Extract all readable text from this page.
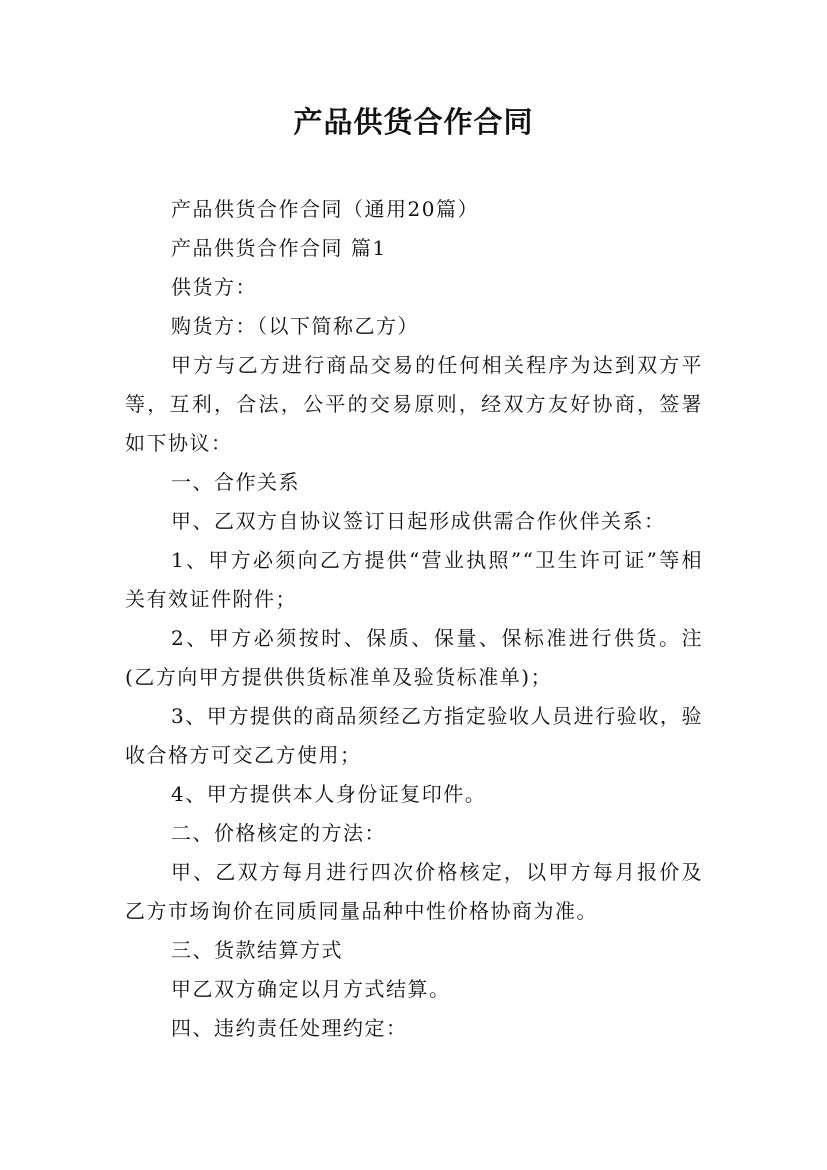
产品供货合作合同

产品供货合作合同（通用20篇）

产品供货合作合同 篇1

供货方：

购货方：（以下简称乙方）

甲方与乙方进行商品交易的任何相关程序为达到双方平等，互利，合法，公平的交易原则，经双方友好协商，签署如下协议：

一、合作关系

甲、乙双方自协议签订日起形成供需合作伙伴关系：

1、甲方必须向乙方提供“营业执照”“卫生许可证”等相关有效证件附件；

2、甲方必须按时、保质、保量、保标准进行供货。注(乙方向甲方提供供货标准单及验货标准单)；

3、甲方提供的商品须经乙方指定验收人员进行验收，验收合格方可交乙方使用；

4、甲方提供本人身份证复印件。

二、价格核定的方法：

甲、乙双方每月进行四次价格核定，以甲方每月报价及乙方市场询价在同质同量品种中性价格协商为准。

三、货款结算方式

甲乙双方确定以月方式结算。

四、违约责任处理约定：
